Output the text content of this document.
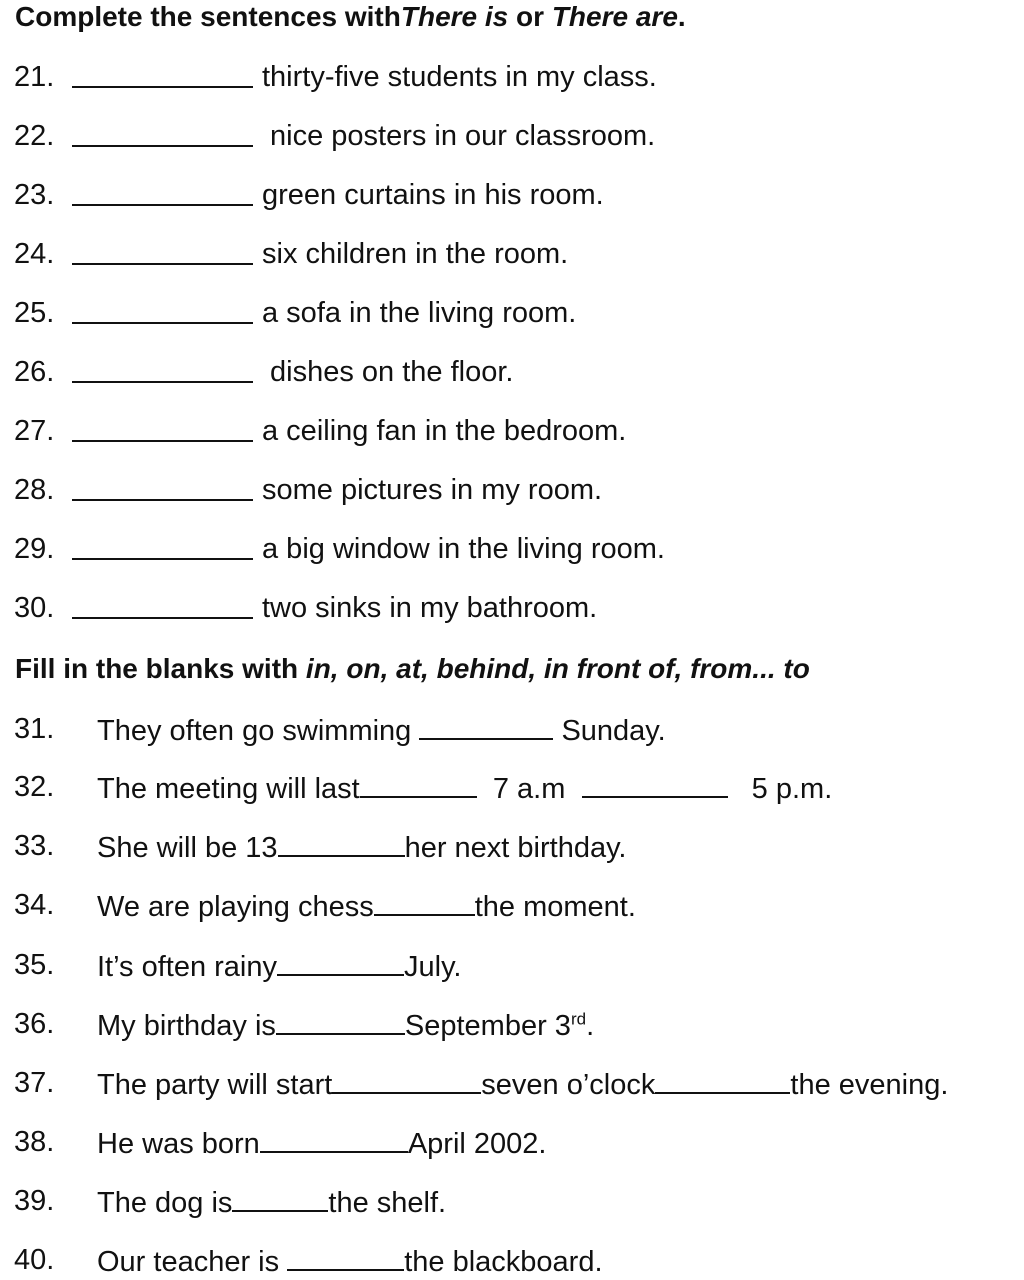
Complete the sentences withThere is or There are.
21.	thirty-five students in my class.
22.	nice posters in our classroom.
23.	green curtains in his room.
24.	six children in the room.
25.	a sofa in the living room.
26.	dishes on the floor.
27.	a ceiling fan in the bedroom.
28.	some pictures in my room.
29.	a big window in the living room.
30.	two sinks in my bathroom.
Fill in the blanks with in, on, at, behind, in front of, from... to
31. They often go swimming	Sunday.
32. The meeting will last	7 a.m	5 p.m.
33. She will be 13	her next birthday.
34. We are playing chess	the moment.
35. It’s often rainy	July.
36. My birthday is	September 3rd.
37. The party will start	seven o’clock	the evening.
38. He was born	April 2002.
39. The dog is	the shelf.
40. Our teacher is	the blackboard.
